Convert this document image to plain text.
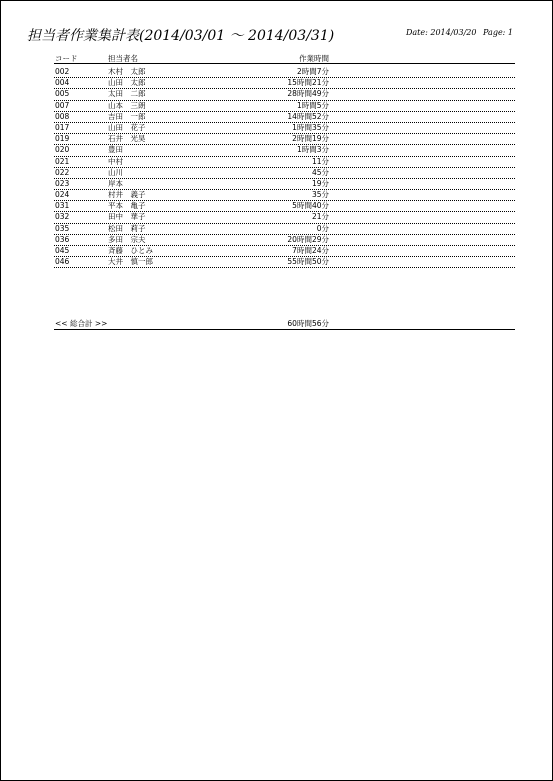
担当者作業集計表(2014/03/01 ～ 2014/03/31)	Date: 2014/03/20 Page: 1
コード	担当者名	作業時間
002	木村　太郎	2時間7分
004	山田　太郎	15時間21分
005	太田　二郎	28時間49分
007	山本　三朗	1時間5分
008	吉田　一郎	14時間52分
017	山田　花子	1時間35分
019	石井　光昊	2時間19分
020	豊田	1時間3分
021	中村	11分
022	山川	45分
023	岸本	19分
024	村井　義子	35分
031	平本　亀子	5時間40分
032	田中　華子	21分
035	松田　莉子	0分
036	多田　宗夫	20時間29分
045	斉藤　ひとみ	7時間24分
046	大井　慎一郎	55時間50分
<< 総合計 >>	60時間56分
